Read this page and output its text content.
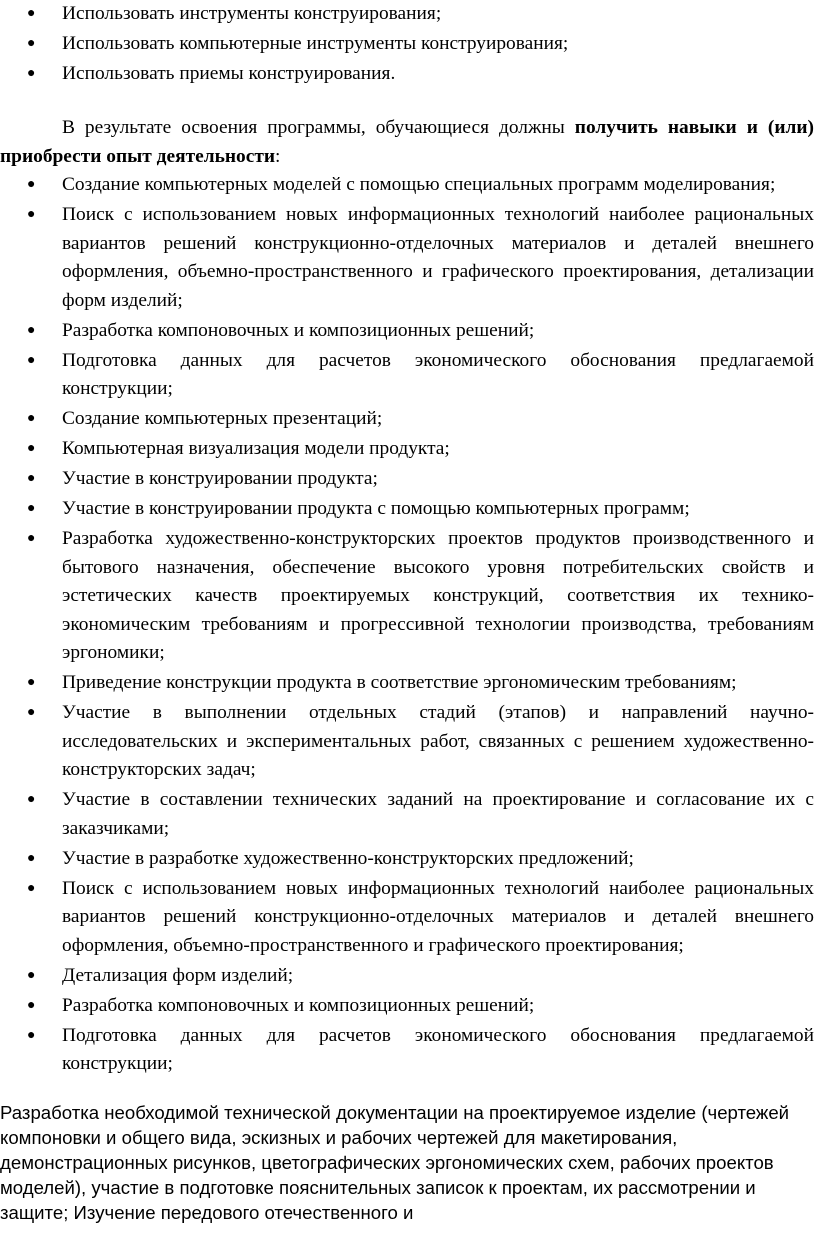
● Использовать инструменты конструирования;
● Использовать компьютерные инструменты конструирования;
● Использовать приемы конструирования.

В результате освоения программы, обучающиеся должны получить навыки и (или) приобрести опыт деятельности:

● Создание компьютерных моделей с помощью специальных программ моделирования;
● Поиск с использованием новых информационных технологий наиболее рациональных вариантов решений конструкционно-отделочных материалов и деталей внешнего оформления, объемно-пространственного и графического проектирования, детализации форм изделий;
● Разработка компоновочных и композиционных решений;
● Подготовка данных для расчетов экономического обоснования предлагаемой конструкции;
● Создание компьютерных презентаций;
● Компьютерная визуализация модели продукта;
● Участие в конструировании продукта;
● Участие в конструировании продукта с помощью компьютерных программ;
● Разработка художественно-конструкторских проектов продуктов производственного и бытового назначения, обеспечение высокого уровня потребительских свойств и эстетических качеств проектируемых конструкций, соответствия их технико-экономическим требованиям и прогрессивной технологии производства, требованиям эргономики;
● Приведение конструкции продукта в соответствие эргономическим требованиям;
● Участие в выполнении отдельных стадий (этапов) и направлений научно-исследовательских и экспериментальных работ, связанных с решением художественно-конструкторских задач;
● Участие в составлении технических заданий на проектирование и согласование их с заказчиками;
● Участие в разработке художественно-конструкторских предложений;
● Поиск с использованием новых информационных технологий наиболее рациональных вариантов решений конструкционно-отделочных материалов и деталей внешнего оформления, объемно-пространственного и графического проектирования;
● Детализация форм изделий;
● Разработка компоновочных и композиционных решений;
● Подготовка данных для расчетов экономического обоснования предлагаемой конструкции;

Разработка необходимой технической документации на проектируемое изделие (чертежей компоновки и общего вида, эскизных и рабочих чертежей для макетирования, демонстрационных рисунков, цветографических эргономических схем, рабочих проектов моделей), участие в подготовке пояснительных записок к проектам, их рассмотрении и защите; Изучение передового отечественного и
